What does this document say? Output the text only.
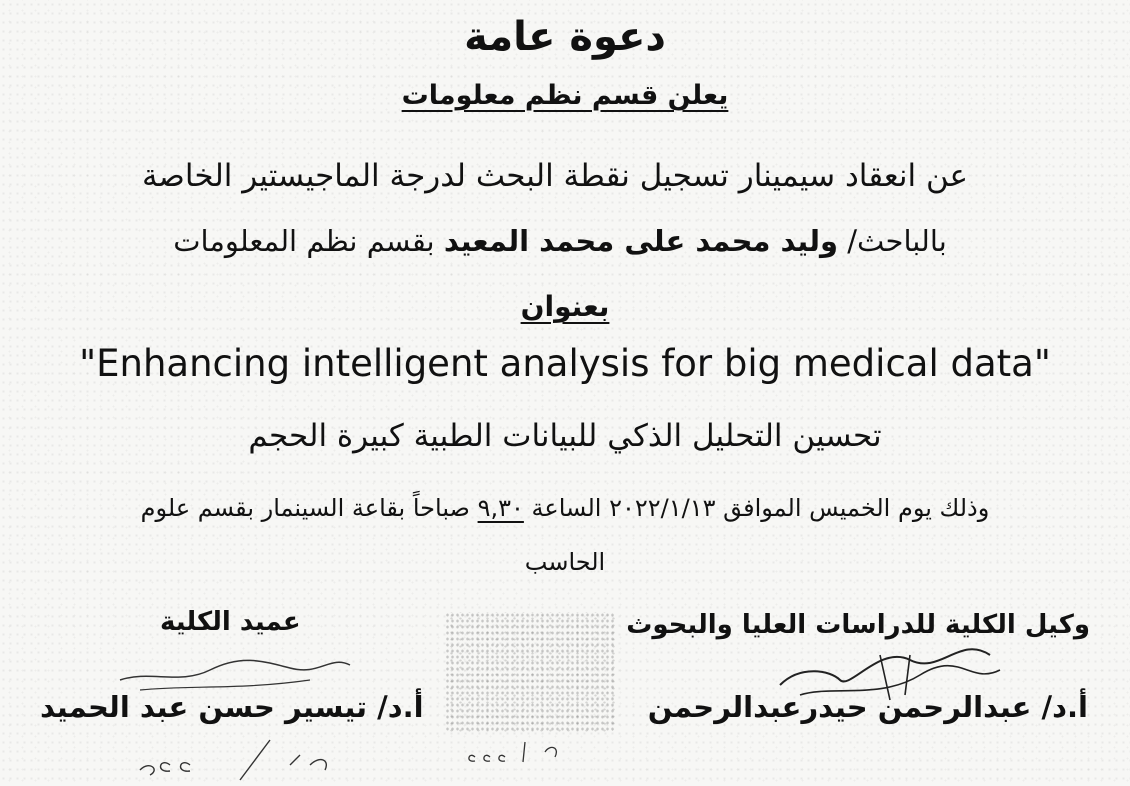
دعوة عامة
يعلن قسم نظم معلومات
عن انعقاد سيمينار تسجيل نقطة البحث لدرجة الماجيستير الخاصة
بالباحث/ وليد محمد على محمد المعيد بقسم نظم المعلومات
بعنوان
"Enhancing intelligent analysis for big medical data"
تحسين التحليل الذكي للبيانات الطبية كبيرة الحجم
وذلك يوم الخميس الموافق ٢٠٢٢/١/١٣ الساعة ٩,٣٠ صباحاً بقاعة السينمار بقسم علوم
الحاسب
وكيل الكلية للدراسات العليا والبحوث
أ.د/ عبدالرحمن حيدرعبدالرحمن
عميد الكلية
أ.د/ تيسير حسن عبد الحميد
